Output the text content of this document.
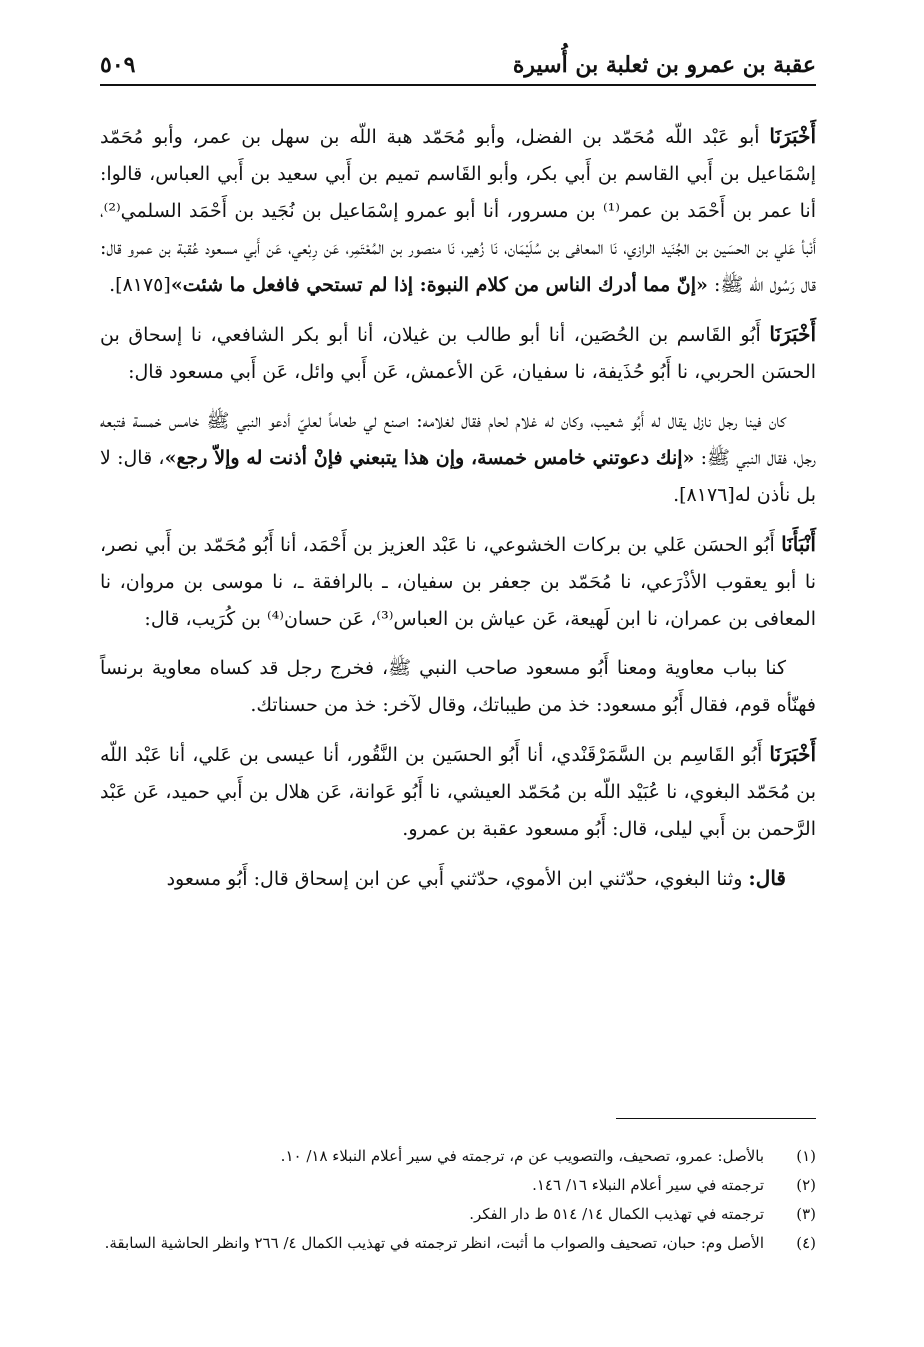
٥٠٩	عقبة بن عمرو بن ثعلبة بن أُسيرة

أَخْبَرَنَا أبو عَبْد اللّه مُحَمّد بن الفضل، وأبو مُحَمّد هبة اللّه بن سهل بن عمر، وأبو مُحَمّد إسْمَاعيل بن أَبي القاسم بن أَبي بكر، وأبو القَاسم تميم بن أَبي سعيد بن أَبي العباس، قالوا: أنا عمر بن أَحْمَد بن عمر⁽¹⁾ بن مسرور، أنا أبو عمرو إسْمَاعيل بن نُجَيد بن أَحْمَد السلمي⁽²⁾، أَنْبأ عَلي بن الحسَين بن الجُنَيد الرازي، نَا المعافى بن سُلَيْمَان، نَا زُهير، نَا منصور بن المُعْتَمِر، عَن رِبْعي، عَن أَبي مسعود عُقبة بن عمرو قال: قال رَسُول اللّه ﷺ: «إنّ مما أدرك الناس من كلام النبوة: إذا لم تستحي فافعل ما شئت»[٨١٧٥].

أَخْبَرَنَا أَبُو القَاسم بن الحُصَين، أنا أبو طالب بن غيلان، أنا أبو بكر الشافعي، نا إسحاق بن الحسَن الحربي، نا أَبُو حُذَيفة، نا سفيان، عَن الأعمش، عَن أَبي وائل، عَن أَبي مسعود قال:

كان فينا رجل نازل يقال له أَبُو شعيب، وكان له غلام لحام فقال لغلامه: اصنع لي طعاماً لعليّ أدعو النبي ﷺ خامس خمسة فتبعه رجل، فقال النبي ﷺ: «إنك دعوتني خامس خمسة، وإن هذا يتبعني فإنْ أذنت له وإلاّ رجع»، قال: لا بل نأذن له[٨١٧٦].

أَنْبَأَنَا أَبُو الحسَن عَلي بن بركات الخشوعي، نا عَبْد العزيز بن أَحْمَد، أنا أَبُو مُحَمّد بن أَبي نصر، نا أبو يعقوب الأذْرَعي، نا مُحَمّد بن جعفر بن سفيان، ـ بالرافقة ـ، نا موسى بن مروان، نا المعافى بن عمران، نا ابن لَهيعة، عَن عياش بن العباس⁽³⁾، عَن حسان⁽⁴⁾ بن كُرَيب، قال:

كنا بباب معاوية ومعنا أَبُو مسعود صاحب النبي ﷺ، فخرج رجل قد كساه معاوية برنساً فهنّأه قوم، فقال أَبُو مسعود: خذ من طيباتك، وقال لآخر: خذ من حسناتك.

أَخْبَرَنَا أَبُو القَاسِم بن السَّمَرْقَنْدي، أنا أَبُو الحسَين بن النَّقُور، أنا عيسى بن عَلي، أنا عَبْد اللّه بن مُحَمّد البغوي، نا عُبَيْد اللّه بن مُحَمّد العيشي، نا أَبُو عَوانة، عَن هلال بن أَبي حميد، عَن عَبْد الرَّحمن بن أَبي ليلى، قال: أَبُو مسعود عقبة بن عمرو.

قال: وثنا البغوي، حدّثني ابن الأموي، حدّثني أَبي عن ابن إسحاق قال: أَبُو مسعود

(١)
بالأصل: عمرو، تصحيف، والتصويب عن م، ترجمته في سير أعلام النبلاء ١٨/ ١٠.
(٢)
ترجمته في سير أعلام النبلاء ١٦/ ١٤٦.
(٣)
ترجمته في تهذيب الكمال ١٤/ ٥١٤ ط دار الفكر.
(٤)
الأصل وم: حبان، تصحيف والصواب ما أثبت، انظر ترجمته في تهذيب الكمال ٤/ ٢٦٦ وانظر الحاشية السابقة.
